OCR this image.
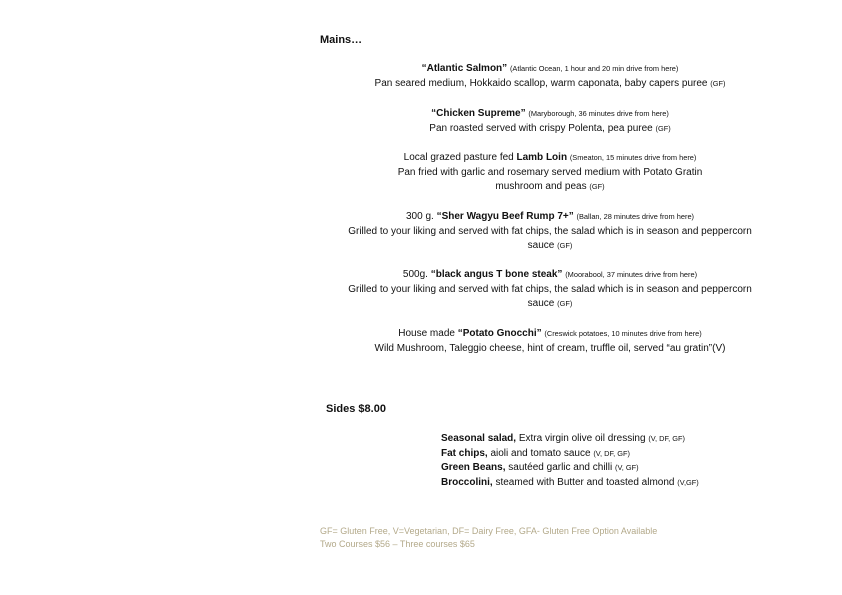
Mains…
“Atlantic Salmon” (Atlantic Ocean, 1 hour and 20 min drive from here)
Pan seared medium, Hokkaido scallop, warm caponata, baby capers puree (GF)
“Chicken Supreme” (Maryborough, 36 minutes drive from here)
Pan roasted served with crispy Polenta, pea puree (GF)
Local grazed pasture fed Lamb Loin (Smeaton, 15 minutes drive from here)
Pan fried with garlic and rosemary served medium with Potato Gratin
mushroom and peas (GF)
300 g. “Sher Wagyu Beef Rump 7+” (Ballan, 28 minutes drive from here)
Grilled to your liking and served with fat chips, the salad which is in season and peppercorn
sauce (GF)
500g. “black angus T bone steak” (Moorabool, 37 minutes drive from here)
Grilled to your liking and served with fat chips, the salad which is in season and peppercorn
sauce (GF)
House made “Potato Gnocchi” (Creswick potatoes, 10 minutes drive from here)
Wild Mushroom, Taleggio cheese, hint of cream, truffle oil, served “au gratin”(V)
Sides $8.00
Seasonal salad, Extra virgin olive oil dressing (V, DF, GF)
Fat chips, aioli and tomato sauce (V, DF, GF)
Green Beans, sautéed garlic and chilli (V, GF)
Broccolini, steamed with Butter and toasted almond (V,GF)
GF= Gluten Free, V=Vegetarian, DF= Dairy Free, GFA- Gluten Free Option Available
Two Courses $56 – Three courses $65
